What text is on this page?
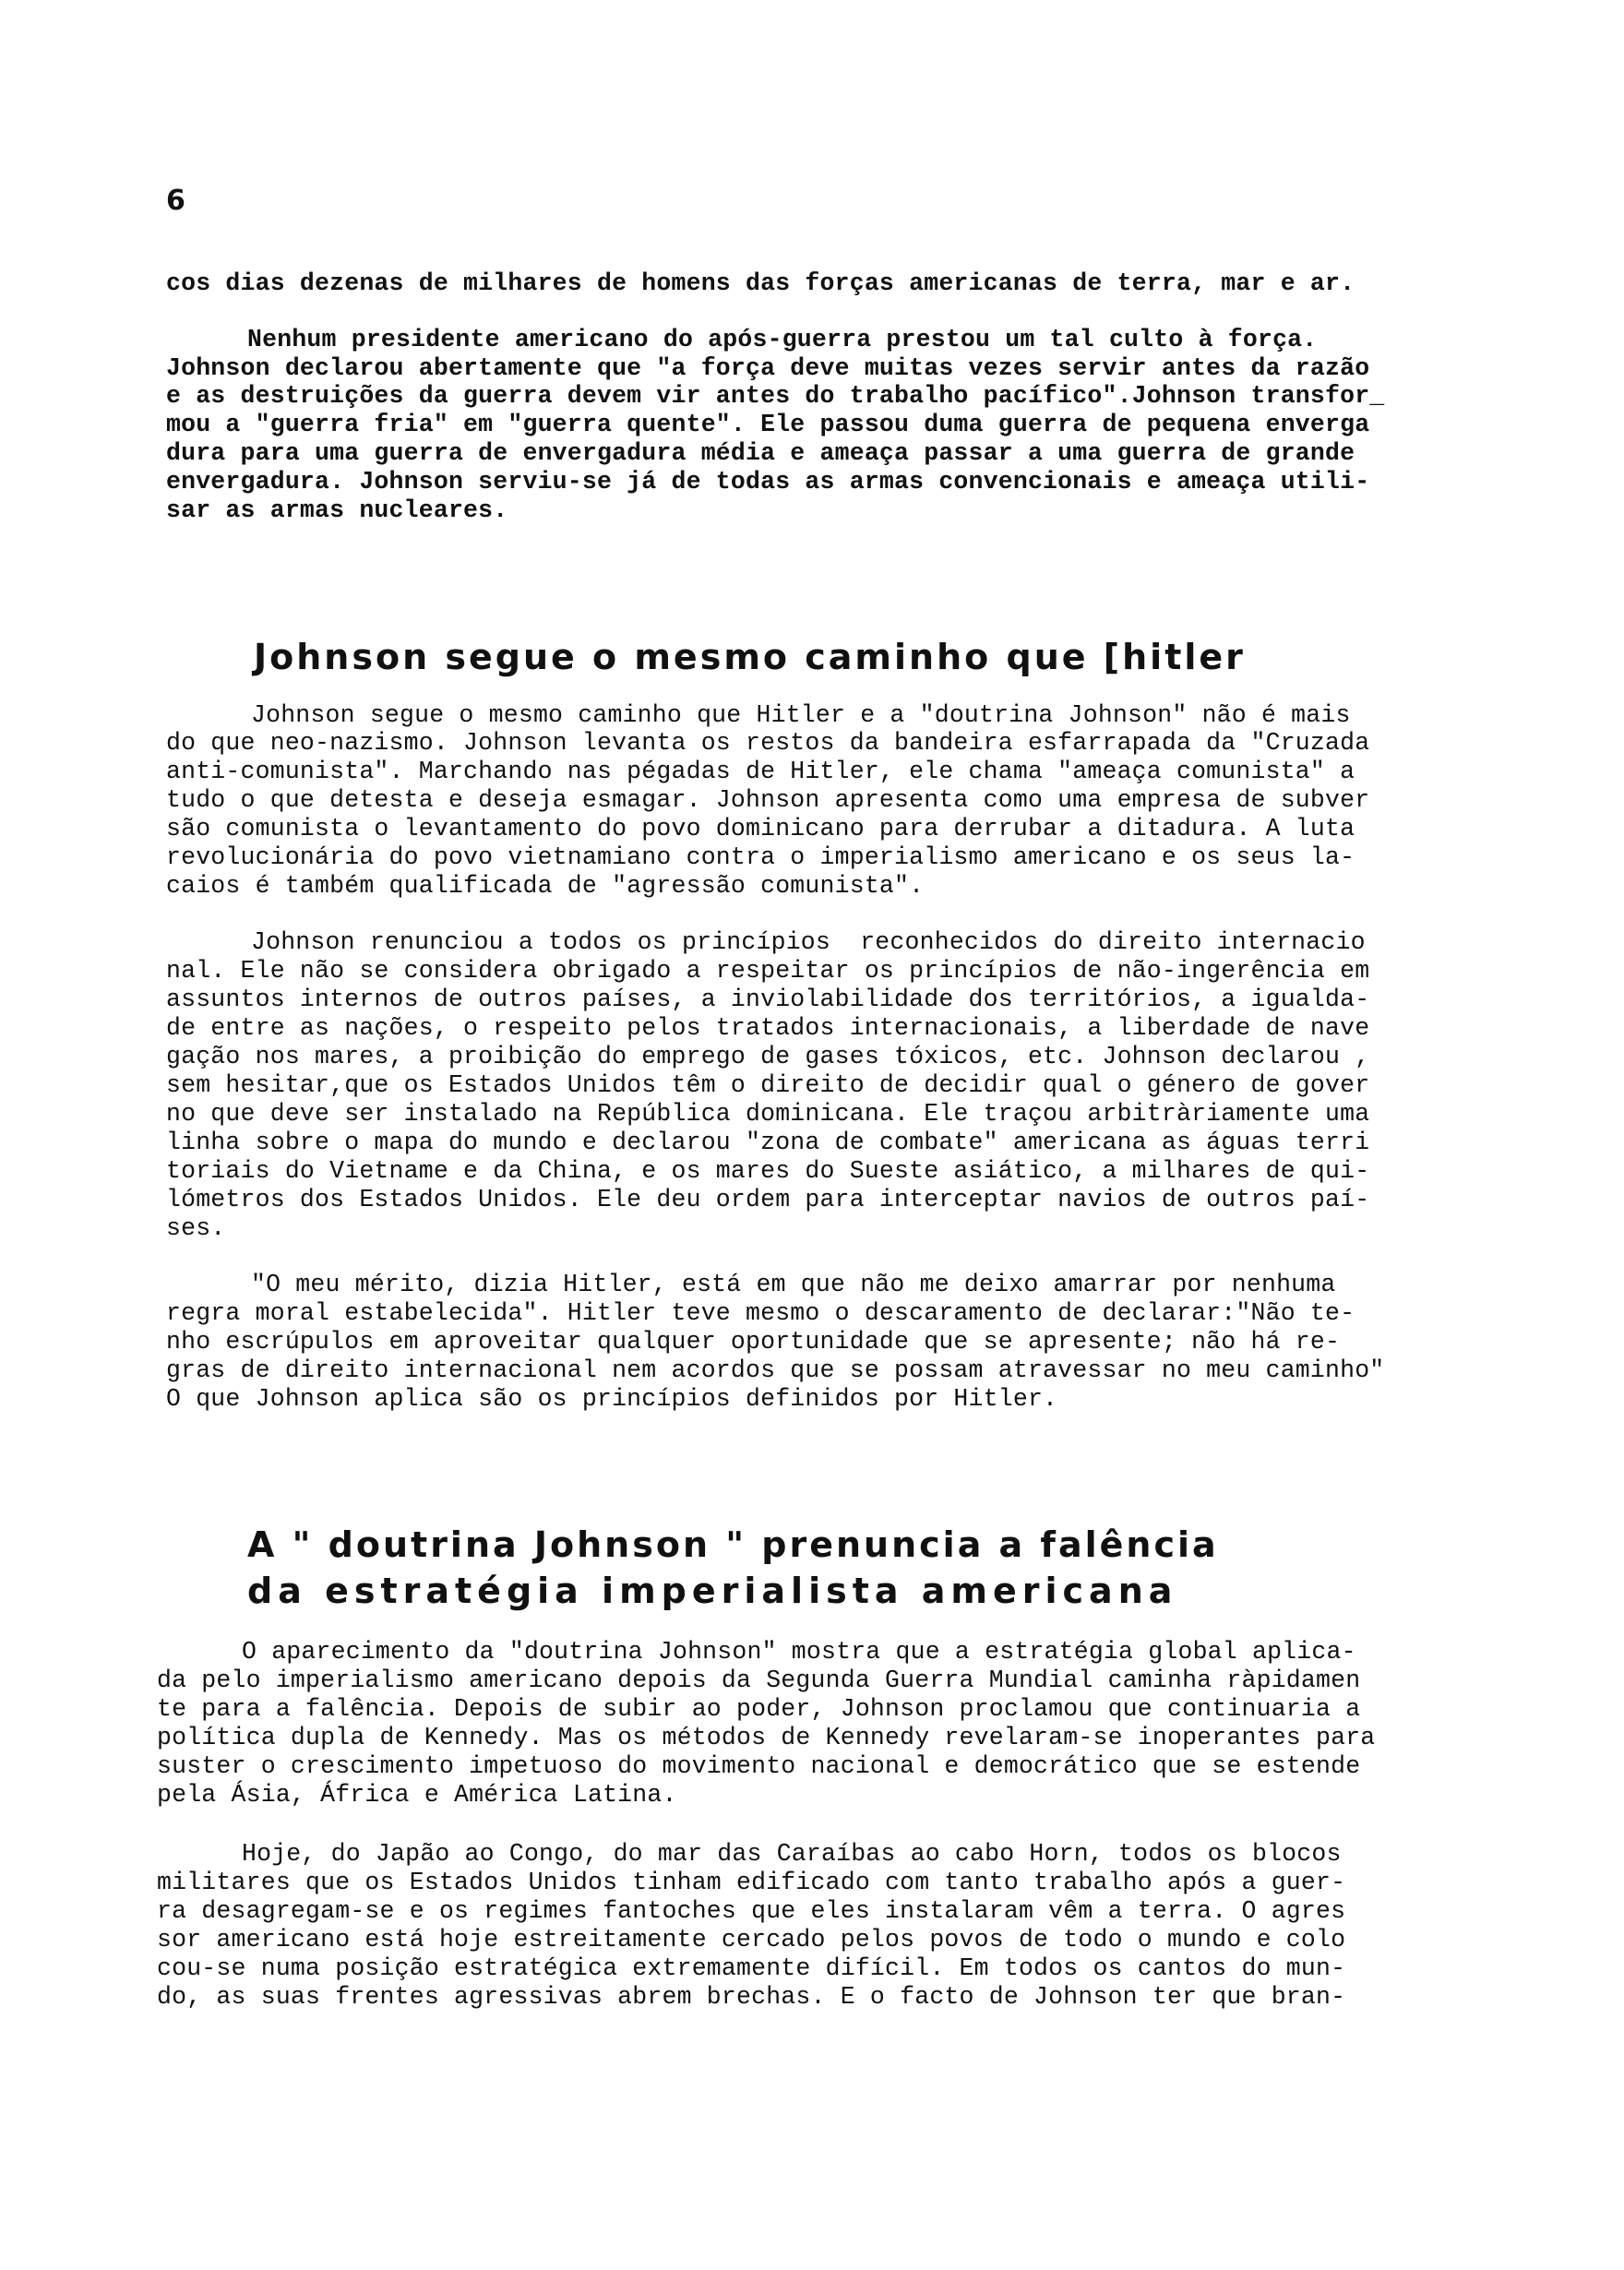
6
cos dias dezenas de milhares de homens das forças americanas de terra, mar e ar.
Nenhum presidente americano do após-guerra prestou um tal culto à força.
Johnson declarou abertamente que "a força deve muitas vezes servir antes da razão
e as destruições da guerra devem vir antes do trabalho pacífico".Johnson transfor_
mou a "guerra fria" em "guerra quente". Ele passou duma guerra de pequena enverga
dura para uma guerra de envergadura média e ameaça passar a uma guerra de grande
envergadura. Johnson serviu-se já de todas as armas convencionais e ameaça utili-
sar as armas nucleares.
Johnson segue o mesmo caminho que [hitler
Johnson segue o mesmo caminho que Hitler e a "doutrina Johnson" não é mais
do que neo-nazismo. Johnson levanta os restos da bandeira esfarrapada da "Cruzada
anti-comunista". Marchando nas pégadas de Hitler, ele chama "ameaça comunista" a
tudo o que detesta e deseja esmagar. Johnson apresenta como uma empresa de subver
são comunista o levantamento do povo dominicano para derrubar a ditadura. A luta
revolucionária do povo vietnamiano contra o imperialismo americano e os seus la-
caios é também qualificada de "agressão comunista".
Johnson renunciou a todos os princípios  reconhecidos do direito internacio
nal. Ele não se considera obrigado a respeitar os princípios de não-ingerência em
assuntos internos de outros países, a inviolabilidade dos territórios, a igualda-
de entre as nações, o respeito pelos tratados internacionais, a liberdade de nave
gação nos mares, a proibição do emprego de gases tóxicos, etc. Johnson declarou ,
sem hesitar,que os Estados Unidos têm o direito de decidir qual o género de gover
no que deve ser instalado na República dominicana. Ele traçou arbitràriamente uma
linha sobre o mapa do mundo e declarou "zona de combate" americana as águas terri
toriais do Vietname e da China, e os mares do Sueste asiático, a milhares de qui-
lómetros dos Estados Unidos. Ele deu ordem para interceptar navios de outros paí-
ses.
"O meu mérito, dizia Hitler, está em que não me deixo amarrar por nenhuma
regra moral estabelecida". Hitler teve mesmo o descaramento de declarar:"Não te-
nho escrúpulos em aproveitar qualquer oportunidade que se apresente; não há re-
gras de direito internacional nem acordos que se possam atravessar no meu caminho"
O que Johnson aplica são os princípios definidos por Hitler.
A " doutrina Johnson " prenuncia a falência
da estratégia imperialista americana
O aparecimento da "doutrina Johnson" mostra que a estratégia global aplica-
da pelo imperialismo americano depois da Segunda Guerra Mundial caminha ràpidamen
te para a falência. Depois de subir ao poder, Johnson proclamou que continuaria a
política dupla de Kennedy. Mas os métodos de Kennedy revelaram-se inoperantes para
suster o crescimento impetuoso do movimento nacional e democrático que se estende
pela Ásia, África e América Latina.
Hoje, do Japão ao Congo, do mar das Caraíbas ao cabo Horn, todos os blocos
militares que os Estados Unidos tinham edificado com tanto trabalho após a guer-
ra desagregam-se e os regimes fantoches que eles instalaram vêm a terra. O agres
sor americano está hoje estreitamente cercado pelos povos de todo o mundo e colo
cou-se numa posição estratégica extremamente difícil. Em todos os cantos do mun-
do, as suas frentes agressivas abrem brechas. E o facto de Johnson ter que bran-
